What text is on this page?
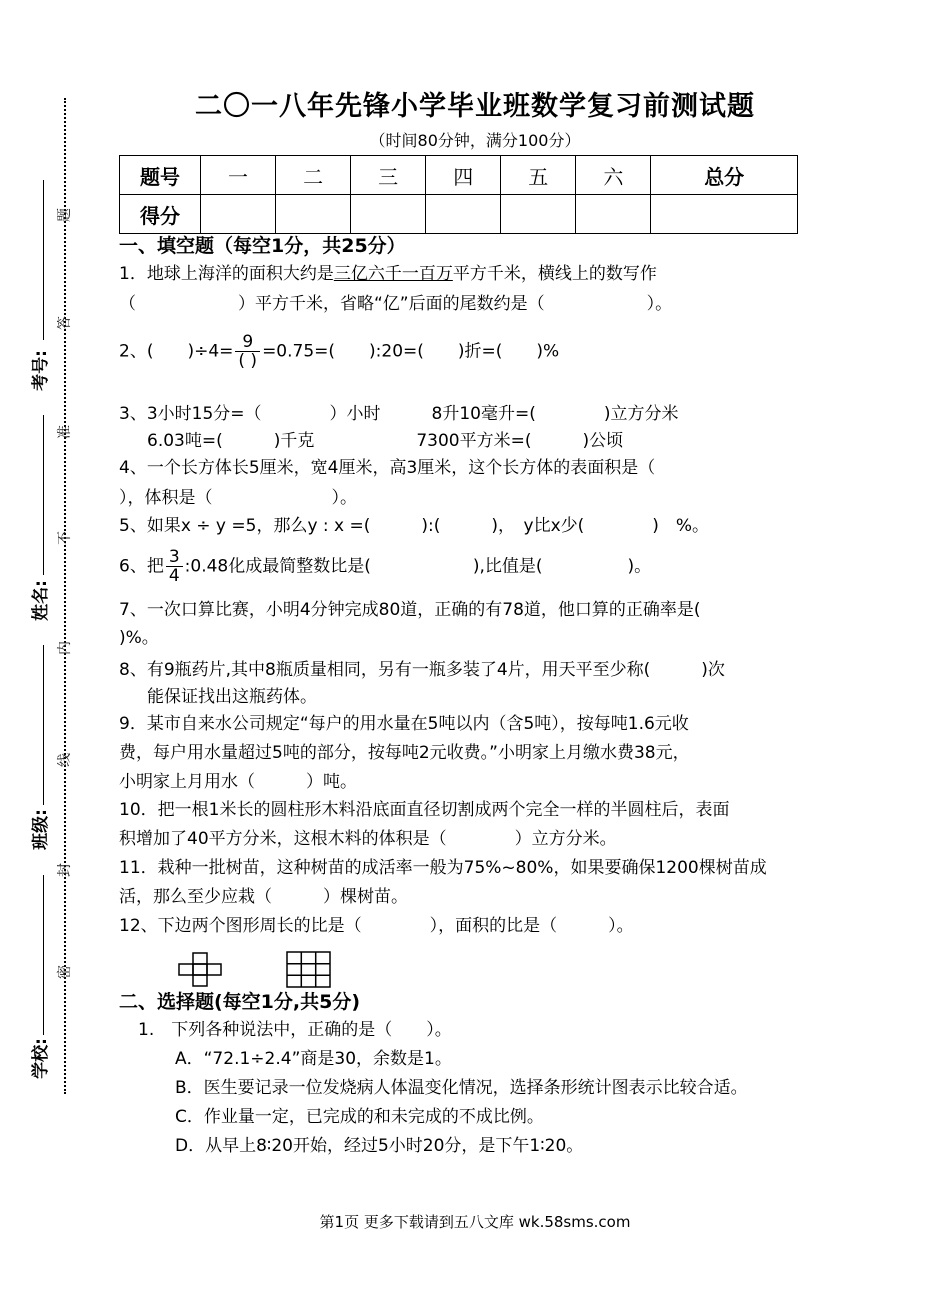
考号:
姓名:
班级:
学校:
题
答
准
不
内
线
封
密
二〇一八年先锋小学毕业班数学复习前测试题
（时间80分钟，满分100分）
题号	一	二	三	四	五	六	总分
得分							
一、填空题（每空1分，共25分）
1．地球上海洋的面积大约是三亿六千一百万平方千米，横线上的数写作
（　　　　　　）平方千米，省略“亿”后面的尾数约是（　　　　　　）。
2、(　　)$\div 4= \frac{9}{( )} =0.75=$(　　):20=(　　)折=(　　)%
3、3小时15分=（　　　　）小时　　　8升10毫升=(　　　　)立方分米
6.03吨=(　　　)千克　　　　　　7300平方米=(　　　)公顷
4、一个长方体长5厘米，宽4厘米，高3厘米，这个长方体的表面积是（
），体积是（　　　　　　　）。
5、如果x ÷ y =5，那么y : x =(　　　):(　　　)，　y比x少(　　　　)　%。
6、把 $\frac{3}{4}$ :0.48化成最简整数比是(　　　　　　),比值是(　　　　　)。
7、一次口算比赛，小明4分钟完成80道，正确的有78道，他口算的正确率是(
)%。
8、有9瓶药片,其中8瓶质量相同，另有一瓶多装了4片，用天平至少称(　　　)次
能保证找出这瓶药体。
9．某市自来水公司规定“每户的用水量在5吨以内（含5吨），按每吨1.6元收
费，每户用水量超过5吨的部分，按每吨2元收费。”小明家上月缴水费38元，
小明家上月用水（　　　）吨。
10．把一根1米长的圆柱形木料沿底面直径切割成两个完全一样的半圆柱后，表面
积增加了40平方分米，这根木料的体积是（　　　　）立方分米。
11．栽种一批树苗，这种树苗的成活率一般为75%~80%，如果要确保1200棵树苗成
活，那么至少应栽（　　　）棵树苗。
12、下边两个图形周长的比是（　　　　），面积的比是（　　　）。
二、选择题(每空1分,共5分)
1.　下列各种说法中，正确的是（　　）。
A．“72.1÷2.4”商是30，余数是1。
B．医生要记录一位发烧病人体温变化情况，选择条形统计图表示比较合适。
C．作业量一定，已完成的和未完成的不成比例。
D．从早上8∶20开始，经过5小时20分，是下午1∶20。
第1页 更多下载请到五八文库 wk.58sms.com
